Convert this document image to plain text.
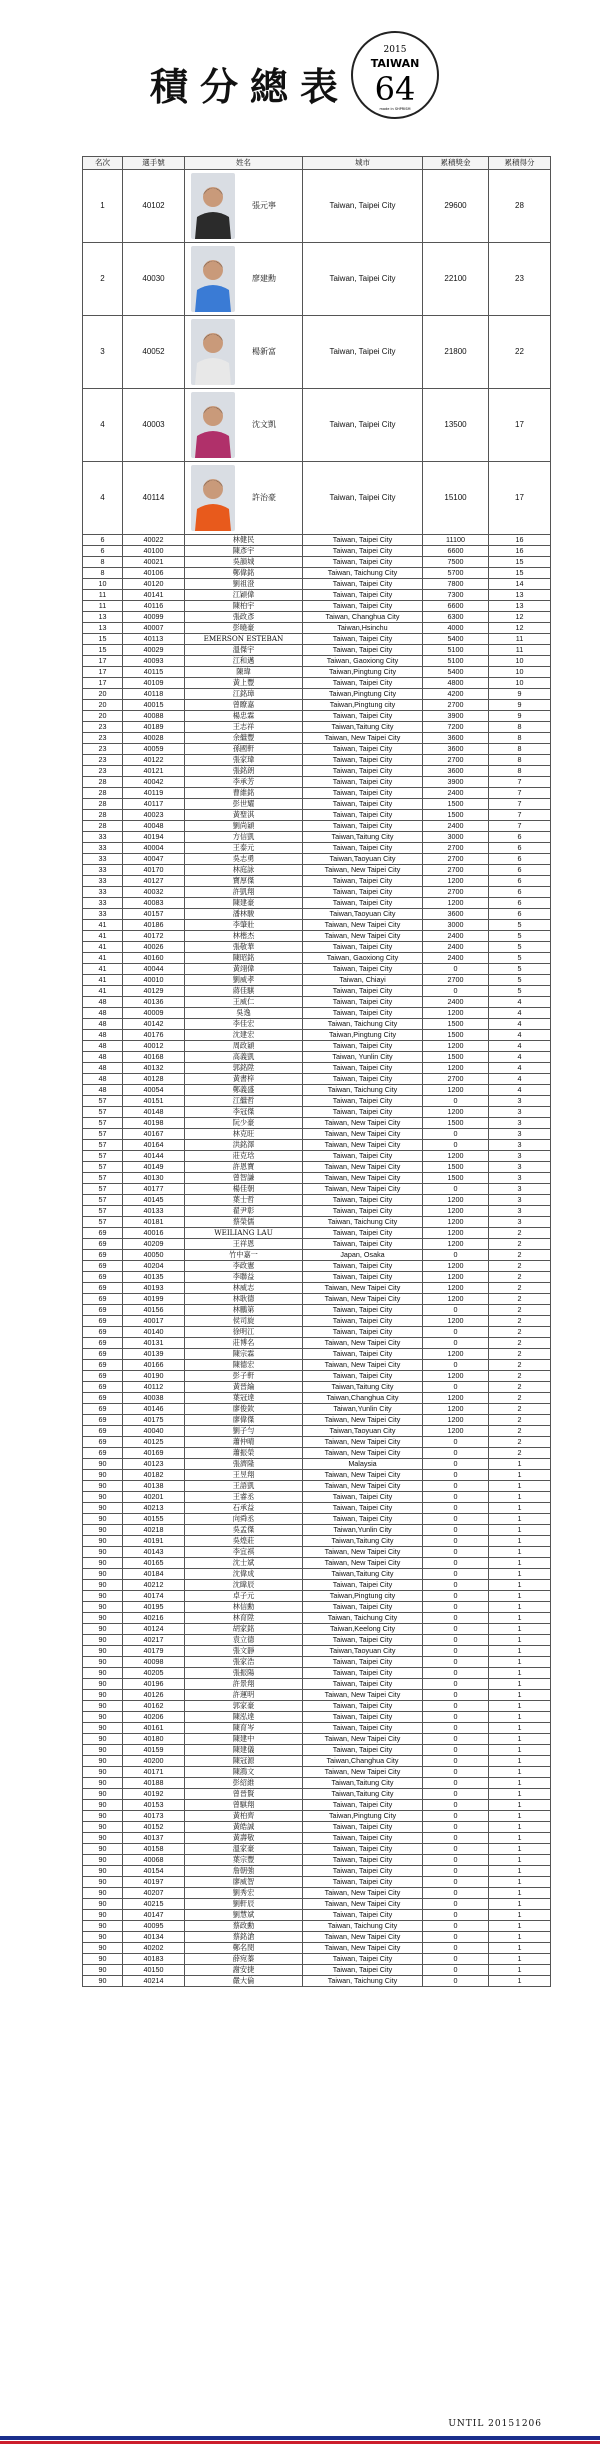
積分總表
2015
TAIWAN
64
made in SHPRISM
名次	選手號	姓名	城市	累積獎金	累積得分
1	40102	張元寧	Taiwan, Taipei City	29600	28
2	40030	廖建勳	Taiwan, Taipei City	22100	23
3	40052	楊新富	Taiwan, Taipei City	21800	22
4	40003	沈文凱	Taiwan, Taipei City	13500	17
4	40114	許治豪	Taiwan, Taipei City	15100	17
6	40022	林健民	Taiwan, Taipei City	11100	16
6	40100	陳彥宇	Taiwan, Taipei City	6600	16
8	40021	吳韻城	Taiwan, Taipei City	7500	15
8	40106	鄭偉銘	Taiwan, Taichung City	5700	15
10	40120	劉祖澄	Taiwan, Taipei City	7800	14
11	40141	江穎偉	Taiwan, Taipei City	7300	13
11	40116	陳柏宇	Taiwan, Taipei City	6600	13
13	40099	張政彥	Taiwan, Changhua City	6300	12
13	40007	彭曉豪	Taiwan,Hsinchu	4000	12
15	40113	EMERSON ESTEBAN	Taiwan, Taipei City	5400	11
15	40029	溫傑宇	Taiwan, Taipei City	5100	11
17	40093	江和邁	Taiwan, Gaoxiong City	5100	10
17	40115	陳瑋	Taiwan,Pingtung City	5400	10
17	40109	黃上豐	Taiwan, Taipei City	4800	10
20	40118	江銘璋	Taiwan,Pingtung City	4200	9
20	40015	曾瞭嘉	Taiwan,Pingtung city	2700	9
20	40088	楊忠霖	Taiwan, Taipei City	3900	9
23	40189	王志祥	Taiwan,Taitung City	7200	8
23	40028	余繼豐	Taiwan, New Taipei City	3600	8
23	40059	孫國軒	Taiwan, Taipei City	3600	8
23	40122	張家瑋	Taiwan, Taipei City	2700	8
23	40121	張銘朗	Taiwan, Taipei City	3600	8
28	40042	李承芳	Taiwan, Taipei City	3900	7
28	40119	曹維銘	Taiwan, Taipei City	2400	7
28	40117	彭世耀	Taiwan, Taipei City	1500	7
28	40023	黃聖淇	Taiwan, Taipei City	1500	7
28	40048	劉尚穎	Taiwan, Taipei City	2400	7
33	40194	方信凱	Taiwan,Taitung City	3000	6
33	40004	王泰元	Taiwan, Taipei City	2700	6
33	40047	吳志勇	Taiwan,Taoyuan City	2700	6
33	40170	林庭詠	Taiwan, New Taipei City	2700	6
33	40127	寶厚傑	Taiwan, Taipei City	1200	6
33	40032	許凱翔	Taiwan, Taipei City	2700	6
33	40083	陳建豪	Taiwan, Taipei City	1200	6
33	40157	潘林駿	Taiwan,Taoyuan City	3600	6
41	40186	李肇壯	Taiwan, New Taipei City	3000	5
41	40172	林楷杰	Taiwan, New Taipei City	2400	5
41	40026	張敬華	Taiwan, Taipei City	2400	5
41	40160	陳昭銘	Taiwan, Gaoxiong City	2400	5
41	40044	黃翊偉	Taiwan, Taipei City	0	5
41	40010	劉威孝	Taiwan, Chiayi	2700	5
41	40129	蔣佳騏	Taiwan, Taipei City	0	5
48	40136	王威仁	Taiwan, Taipei City	2400	4
48	40009	吳逸	Taiwan, Taipei City	1200	4
48	40142	李佳宏	Taiwan, Taichung City	1500	4
48	40176	沈建宏	Taiwan,Pingtung City	1500	4
48	40012	周政穎	Taiwan, Taipei City	1200	4
48	40168	高義凱	Taiwan, Yunlin City	1500	4
48	40132	郭銘陞	Taiwan, Taipei City	1200	4
48	40128	黃書梓	Taiwan, Taipei City	2700	4
48	40054	鄭義盛	Taiwan, Taichung City	1200	4
57	40151	江繼哲	Taiwan, Taipei City	0	3
57	40148	李冠傑	Taiwan, Taipei City	1200	3
57	40198	阮少豪	Taiwan, New Taipei City	1500	3
57	40167	林克旺	Taiwan, New Taipei City	0	3
57	40164	洪銘澤	Taiwan, New Taipei City	0	3
57	40144	莊克琀	Taiwan, Taipei City	1200	3
57	40149	許恩寶	Taiwan, New Taipei City	1500	3
57	40130	曾智謙	Taiwan, New Taipei City	1500	3
57	40177	楊佳朝	Taiwan, New Taipei City	0	3
57	40145	葉士哲	Taiwan, Taipei City	1200	3
57	40133	翟尹彰	Taiwan, Taipei City	1200	3
57	40181	蔡榮儒	Taiwan, Taichung City	1200	3
69	40016	WEILIANG LAU	Taiwan, Taipei City	1200	2
69	40209	王祥恩	Taiwan, Taipei City	1200	2
69	40050	竹中嘉一	Japan, Osaka	0	2
69	40204	李政憲	Taiwan, Taipei City	1200	2
69	40135	李聯益	Taiwan, Taipei City	1200	2
69	40193	林威志	Taiwan, New Taipei City	1200	2
69	40199	林耿德	Taiwan, New Taipei City	1200	2
69	40156	林鵬第	Taiwan, Taipei City	0	2
69	40017	侯司旋	Taiwan, Taipei City	1200	2
69	40140	徐明江	Taiwan, Taipei City	0	2
69	40131	莊博名	Taiwan, New Taipei City	0	2
69	40139	陳宗霖	Taiwan, Taipei City	1200	2
69	40166	陳德宏	Taiwan, New Taipei City	0	2
69	40190	彭子軒	Taiwan, Taipei City	1200	2
69	40112	黃晉綸	Taiwan,Taitung City	0	2
69	40038	葉冠達	Taiwan,Changhua City	1200	2
69	40146	廖俊欽	Taiwan,Yunlin City	1200	2
69	40175	廖偉傑	Taiwan, New Taipei City	1200	2
69	40040	劉子勻	Taiwan,Taoyuan City	1200	2
69	40125	蕭仲晴	Taiwan, New Taipei City	0	2
69	40169	蕭振榮	Taiwan, New Taipei City	0	2
90	40123	張濟隆	Malaysia	0	1
90	40182	王昱翔	Taiwan, New Taipei City	0	1
90	40138	王語凱	Taiwan, New Taipei City	0	1
90	40201	王睿丞	Taiwan, Taipei City	0	1
90	40213	石承益	Taiwan, Taipei City	0	1
90	40155	向舜丞	Taiwan, Taipei City	0	1
90	40218	吳孟傑	Taiwan,Yunlin City	0	1
90	40191	吳煌莊	Taiwan,Taitung City	0	1
90	40143	李宜祺	Taiwan, New Taipei City	0	1
90	40165	沈士斌	Taiwan, New Taipei City	0	1
90	40184	沈偉成	Taiwan,Taitung City	0	1
90	40212	沈暐辰	Taiwan, Taipei City	0	1
90	40174	卓子元	Taiwan,Pingtung city	0	1
90	40195	林信勳	Taiwan, Taipei City	0	1
90	40216	林育陞	Taiwan, Taichung City	0	1
90	40124	胡家銘	Taiwan,Keelong City	0	1
90	40217	袁立德	Taiwan, Taipei City	0	1
90	40179	張文靜	Taiwan,Taoyuan City	0	1
90	40098	張家浩	Taiwan, Taipei City	0	1
90	40205	張振陽	Taiwan, Taipei City	0	1
90	40196	許景翔	Taiwan, Taipei City	0	1
90	40126	許運明	Taiwan, New Taipei City	0	1
90	40162	郭家豪	Taiwan, Taipei City	0	1
90	40206	陳泓達	Taiwan, Taipei City	0	1
90	40161	陳育岑	Taiwan, Taipei City	0	1
90	40180	陳建中	Taiwan, New Taipei City	0	1
90	40159	陳建儀	Taiwan, Taipei City	0	1
90	40200	陳冠源	Taiwan,Changhua City	0	1
90	40171	陳鴻文	Taiwan, New Taipei City	0	1
90	40188	彭紹維	Taiwan,Taitung City	0	1
90	40192	曾晉賢	Taiwan,Taitung City	0	1
90	40153	曾騏翔	Taiwan, Taipei City	0	1
90	40173	黃柏齊	Taiwan,Pingtung City	0	1
90	40152	黃皓誠	Taiwan, Taipei City	0	1
90	40137	黃壽敬	Taiwan, Taipei City	0	1
90	40158	溫家豪	Taiwan, Taipei City	0	1
90	40068	葉宗豐	Taiwan, Taipei City	0	1
90	40154	詹朝強	Taiwan, Taipei City	0	1
90	40197	廖威智	Taiwan, Taipei City	0	1
90	40207	劉秀宏	Taiwan, New Taipei City	0	1
90	40215	劉軒辰	Taiwan, New Taipei City	0	1
90	40147	劉慧斌	Taiwan, Taipei City	0	1
90	40095	蔡政勳	Taiwan, Taichung City	0	1
90	40134	蔡銘滄	Taiwan, New Taipei City	0	1
90	40202	鄭名閔	Taiwan, New Taipei City	0	1
90	40183	薛宛蓁	Taiwan, Taipei City	0	1
90	40150	謝安捷	Taiwan, Taipei City	0	1
90	40214	嚴大倫	Taiwan, Taichung City	0	1
UNTIL 20151206
